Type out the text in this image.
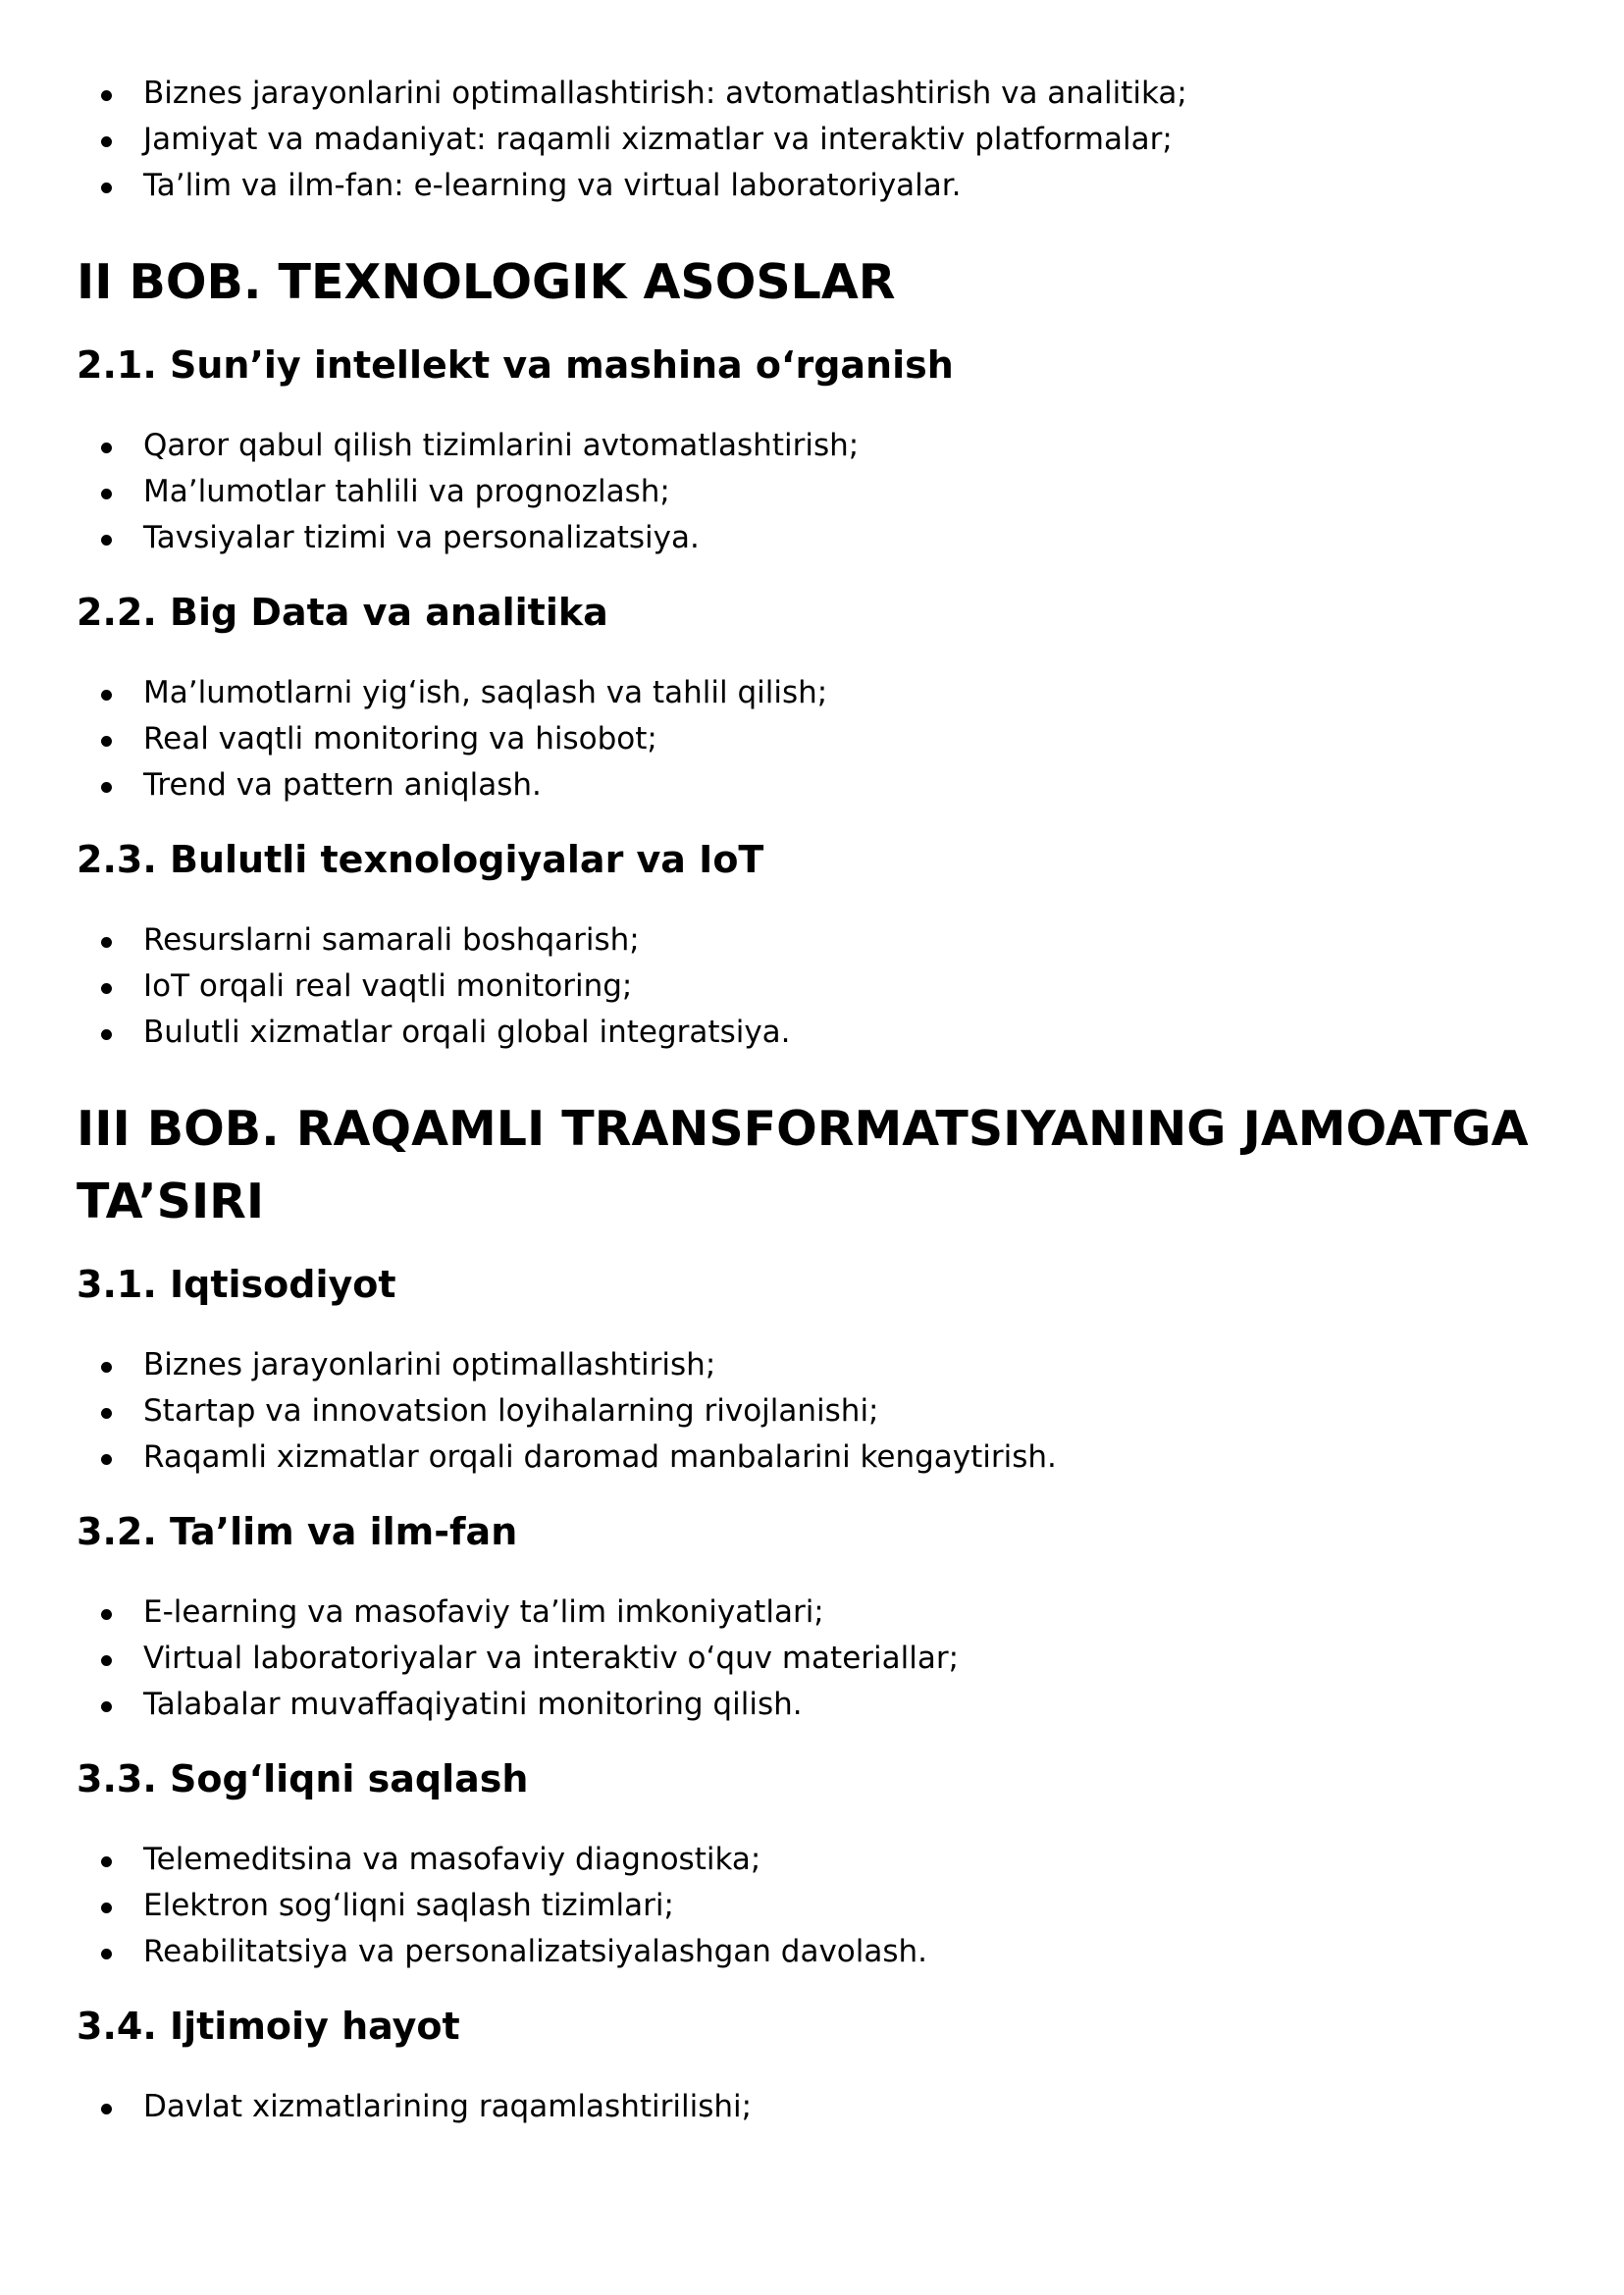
Biznes jarayonlarini optimallashtirish: avtomatlashtirish va analitika;
Jamiyat va madaniyat: raqamli xizmatlar va interaktiv platformalar;
Ta’lim va ilm-fan: e-learning va virtual laboratoriyalar.
II BOB. TEXNOLOGIK ASOSLAR
2.1. Sun’iy intellekt va mashina o‘rganish
Qaror qabul qilish tizimlarini avtomatlashtirish;
Ma’lumotlar tahlili va prognozlash;
Tavsiyalar tizimi va personalizatsiya.
2.2. Big Data va analitika
Ma’lumotlarni yig‘ish, saqlash va tahlil qilish;
Real vaqtli monitoring va hisobot;
Trend va pattern aniqlash.
2.3. Bulutli texnologiyalar va IoT
Resurslarni samarali boshqarish;
IoT orqali real vaqtli monitoring;
Bulutli xizmatlar orqali global integratsiya.
III BOB. RAQAMLI TRANSFORMATSIYANING JAMOATGA
TA’SIRI
3.1. Iqtisodiyot
Biznes jarayonlarini optimallashtirish;
Startap va innovatsion loyihalarning rivojlanishi;
Raqamli xizmatlar orqali daromad manbalarini kengaytirish.
3.2. Ta’lim va ilm-fan
E-learning va masofaviy ta’lim imkoniyatlari;
Virtual laboratoriyalar va interaktiv o‘quv materiallar;
Talabalar muvaffaqiyatini monitoring qilish.
3.3. Sog‘liqni saqlash
Telemeditsina va masofaviy diagnostika;
Elektron sog‘liqni saqlash tizimlari;
Reabilitatsiya va personalizatsiyalashgan davolash.
3.4. Ijtimoiy hayot
Davlat xizmatlarining raqamlashtirilishi;
